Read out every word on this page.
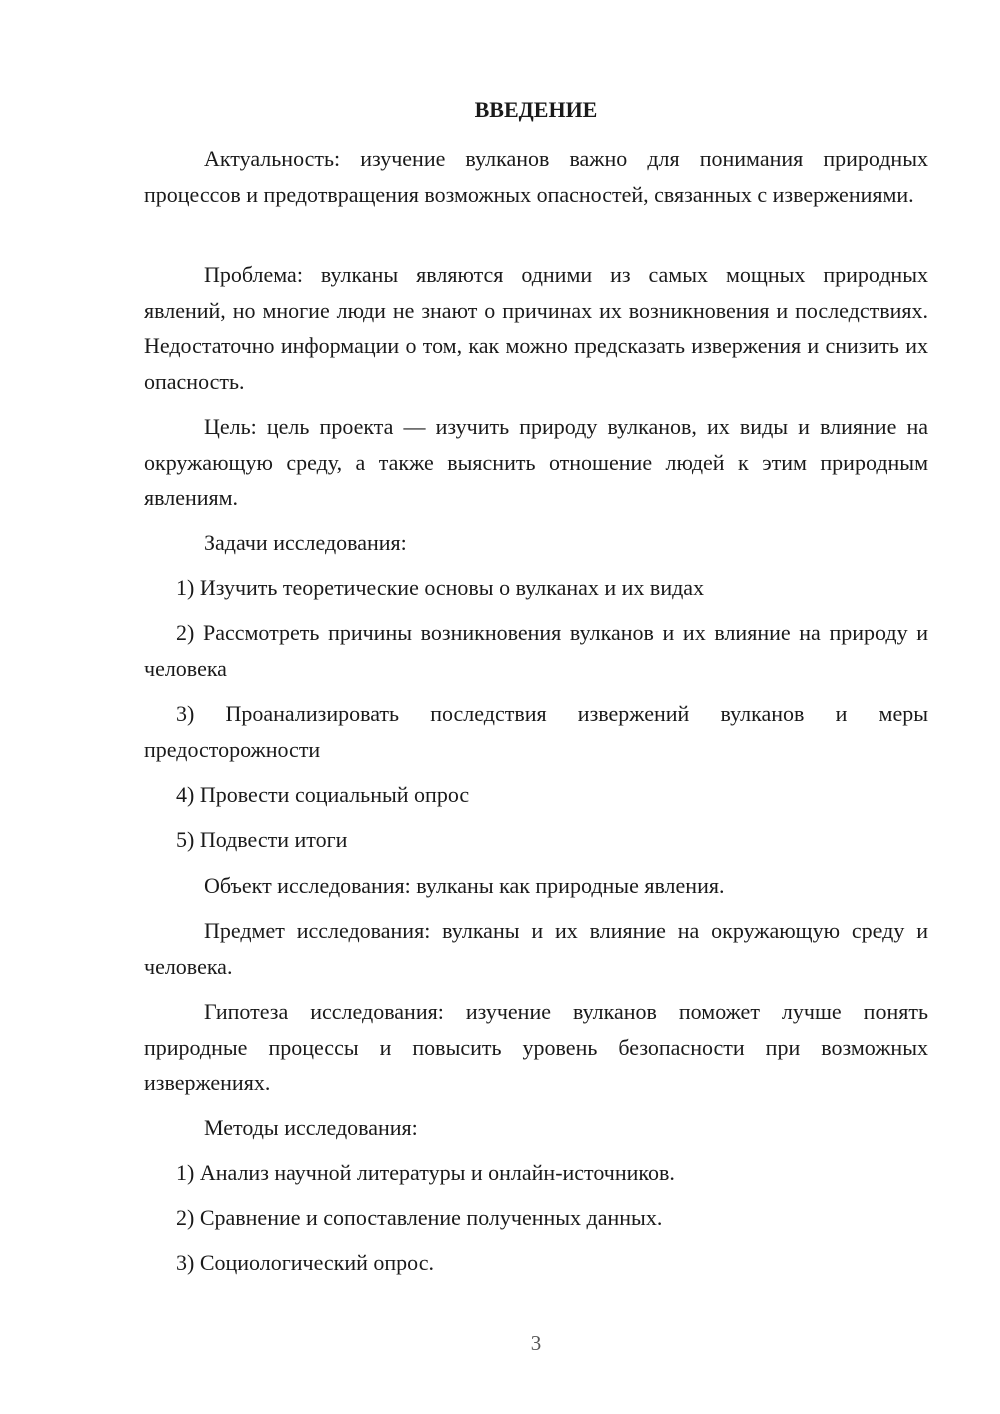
ВВЕДЕНИЕ

Актуальность: изучение вулканов важно для понимания природных процессов и предотвращения возможных опасностей, связанных с извержениями.

Проблема: вулканы являются одними из самых мощных природных явлений, но многие люди не знают о причинах их возникновения и последствиях. Недостаточно информации о том, как можно предсказать извержения и снизить их опасность.

Цель: цель проекта — изучить природу вулканов, их виды и влияние на окружающую среду, а также выяснить отношение людей к этим природным явлениям.

Задачи исследования:

1) Изучить теоретические основы о вулканах и их видах

2) Рассмотреть причины возникновения вулканов и их влияние на природу и человека

3) Проанализировать последствия извержений вулканов и меры предосторожности

4) Провести социальный опрос

5) Подвести итоги

Объект исследования: вулканы как природные явления.

Предмет исследования: вулканы и их влияние на окружающую среду и человека.

Гипотеза исследования: изучение вулканов поможет лучше понять природные процессы и повысить уровень безопасности при возможных извержениях.

Методы исследования:

1) Анализ научной литературы и онлайн-источников.

2) Сравнение и сопоставление полученных данных.

3) Социологический опрос.

3
